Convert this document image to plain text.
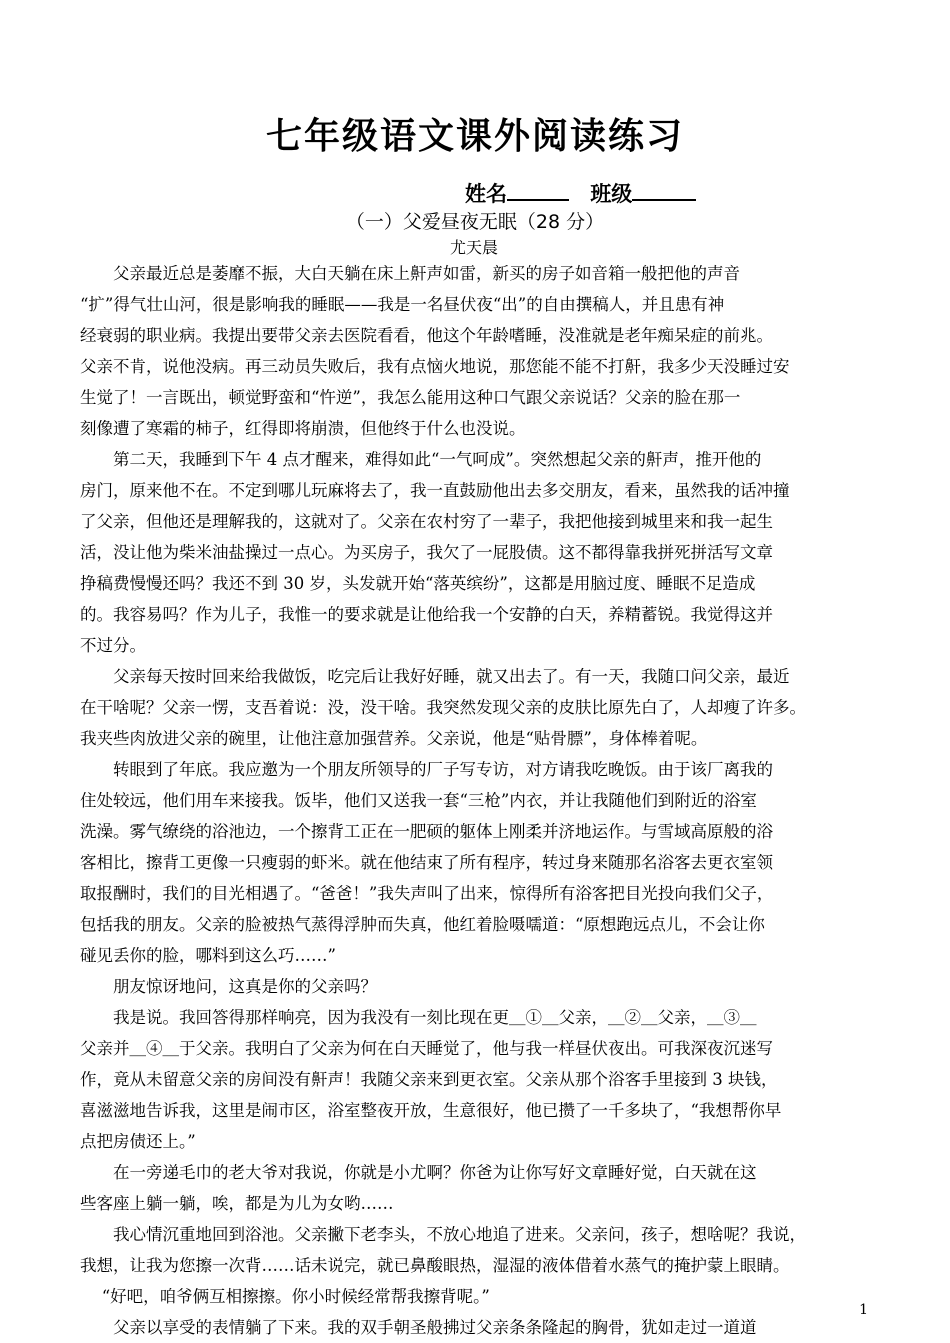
七年级语文课外阅读练习
姓名	班级
（一）父爱昼夜无眠（28 分）
尤天晨
　　父亲最近总是萎靡不振，大白天躺在床上鼾声如雷，新买的房子如音箱一般把他的声音
“扩”得气壮山河，很是影响我的睡眠——我是一名昼伏夜“出”的自由撰稿人，并且患有神
经衰弱的职业病。我提出要带父亲去医院看看，他这个年龄嗜睡，没准就是老年痴呆症的前兆。
父亲不肯，说他没病。再三动员失败后，我有点恼火地说，那您能不能不打鼾，我多少天没睡过安
生觉了！一言既出，顿觉野蛮和“忤逆”，我怎么能用这种口气跟父亲说话？父亲的脸在那一
刻像遭了寒霜的柿子，红得即将崩溃，但他终于什么也没说。
　　第二天，我睡到下午 4 点才醒来，难得如此“一气呵成”。突然想起父亲的鼾声，推开他的
房门，原来他不在。不定到哪儿玩麻将去了，我一直鼓励他出去多交朋友，看来，虽然我的话冲撞
了父亲，但他还是理解我的，这就对了。父亲在农村穷了一辈子，我把他接到城里来和我一起生
活，没让他为柴米油盐操过一点心。为买房子，我欠了一屁股债。这不都得靠我拼死拼活写文章
挣稿费慢慢还吗？我还不到 30 岁，头发就开始“落英缤纷”，这都是用脑过度、睡眠不足造成
的。我容易吗？作为儿子，我惟一的要求就是让他给我一个安静的白天，养精蓄锐。我觉得这并
不过分。
　　父亲每天按时回来给我做饭，吃完后让我好好睡，就又出去了。有一天，我随口问父亲，最近
在干啥呢？父亲一愣，支吾着说：没，没干啥。我突然发现父亲的皮肤比原先白了，人却瘦了许多。
我夹些肉放进父亲的碗里，让他注意加强营养。父亲说，他是“贴骨膘”，身体棒着呢。
　　转眼到了年底。我应邀为一个朋友所领导的厂子写专访，对方请我吃晚饭。由于该厂离我的
住处较远，他们用车来接我。饭毕，他们又送我一套“三枪”内衣，并让我随他们到附近的浴室
洗澡。雾气缭绕的浴池边，一个擦背工正在一肥硕的躯体上刚柔并济地运作。与雪域高原般的浴
客相比，擦背工更像一只瘦弱的虾米。就在他结束了所有程序，转过身来随那名浴客去更衣室领
取报酬时，我们的目光相遇了。“爸爸！”我失声叫了出来，惊得所有浴客把目光投向我们父子，
包括我的朋友。父亲的脸被热气蒸得浮肿而失真，他红着脸嗫嚅道：“原想跑远点儿，不会让你
碰见丢你的脸，哪料到这么巧……”
　　朋友惊讶地问，这真是你的父亲吗？
　　我是说。我回答得那样响亮，因为我没有一刻比现在更＿①＿父亲，＿②＿父亲，＿③＿
父亲并＿④＿于父亲。我明白了父亲为何在白天睡觉了，他与我一样昼伏夜出。可我深夜沉迷写
作，竟从未留意父亲的房间没有鼾声！我随父亲来到更衣室。父亲从那个浴客手里接到 3 块钱，
喜滋滋地告诉我，这里是闹市区，浴室整夜开放，生意很好，他已攒了一千多块了，“我想帮你早
点把房债还上。”
　　在一旁递毛巾的老大爷对我说，你就是小尤啊？你爸为让你写好文章睡好觉，白天就在这
些客座上躺一躺，唉，都是为儿为女哟……
　　我心情沉重地回到浴池。父亲撇下老李头，不放心地追了进来。父亲问，孩子，想啥呢？我说，
我想，让我为您擦一次背……话未说完，就已鼻酸眼热，湿湿的液体借着水蒸气的掩护蒙上眼睛。
　 “好吧，咱爷俩互相擦擦。你小时候经常帮我擦背呢。”
　　父亲以享受的表情躺了下来。我的双手朝圣般拂过父亲条条隆起的胸骨，犹如走过一道道
1
